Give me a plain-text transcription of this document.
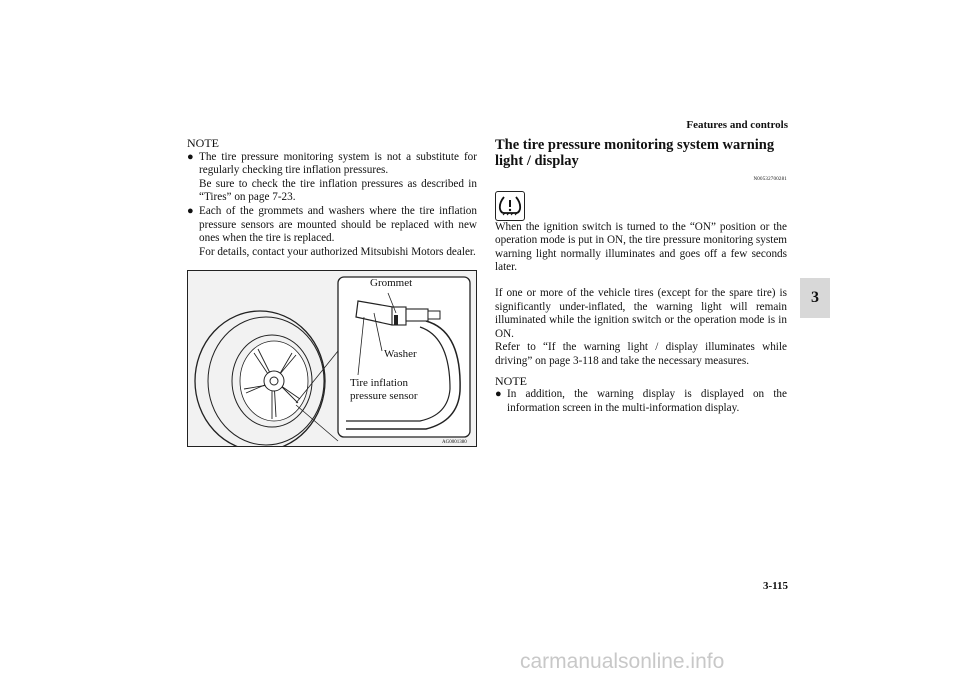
Features and controls
3
NOTE
● The tire pressure monitoring system is not a substitute for regularly checking tire inflation pressures.

Be sure to check the tire inflation pressures as described in “Tires” on page 7-23.

● Each of the grommets and washers where the tire inflation pressure sensors are mounted should be replaced with new ones when the tire is replaced.

For details, contact your authorized Mitsubishi Motors dealer.

Grommet
Washer
Tire inflation
pressure sensor
AG0001380
The tire pressure monitoring system warning light / display
N00532700281

When the ignition switch is turned to the “ON” position or the operation mode is put in ON, the tire pressure monitoring system warning light normally illuminates and goes off a few seconds later.

If one or more of the vehicle tires (except for the spare tire) is significantly under-inflated, the warning light will remain illuminated while the ignition switch or the operation mode is in ON.

Refer to “If the warning light / display illuminates while driving” on page 3-118 and take the necessary measures.

NOTE
● In addition, the warning display is displayed on the information screen in the multi-information display.

3-115
carmanualsonline.info
